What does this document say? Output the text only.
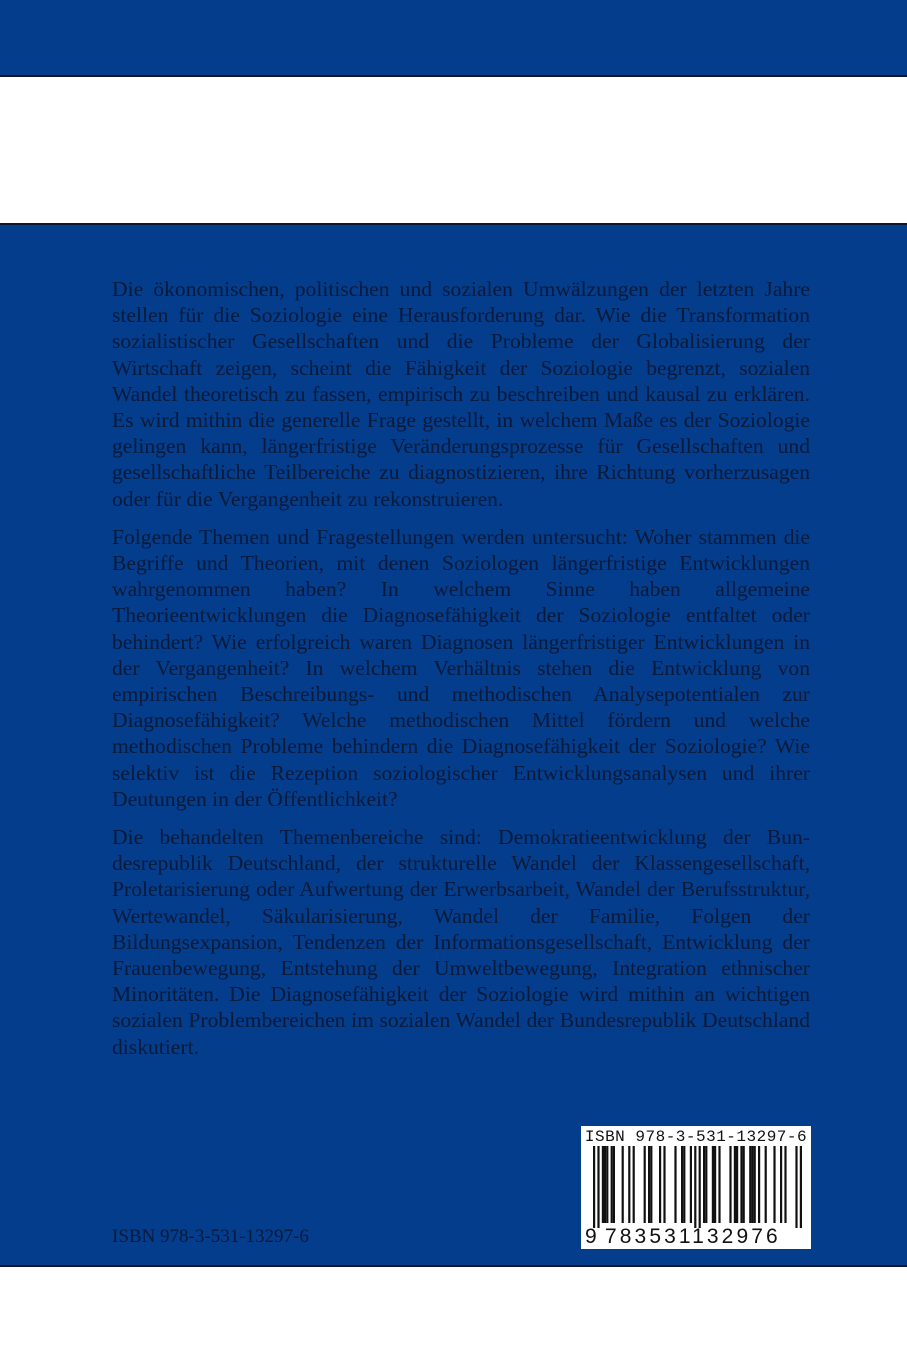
Die ökonomischen, politischen und sozialen Umwälzungen der letzten Jahre stellen für die Soziologie eine Herausforderung dar. Wie die Transformation sozialistischer Gesellschaften und die Probleme der Globalisierung der Wirtschaft zeigen, scheint die Fähigkeit der Soziologie begrenzt, sozialen Wandel theoretisch zu fassen, empirisch zu beschreiben und kausal zu erklären. Es wird mithin die generelle Frage gestellt, in welchem Maße es der Soziologie gelingen kann, längerfristige Veränderungsprozesse für Gesellschaften und gesellschaftliche Teilbereiche zu diagnostizieren, ihre Richtung vorherzusagen oder für die Vergangenheit zu rekonstruieren.

Folgende Themen und Fragestellungen werden untersucht: Woher stammen die Begriffe und Theorien, mit denen Soziologen längerfristige Entwicklungen wahrgenommen haben? In welchem Sinne haben allgemeine Theorieentwicklungen die Diagnosefähigkeit der Soziologie entfaltet oder behindert? Wie erfolgreich waren Diagnosen längerfristiger Entwicklungen in der Vergangenheit? In welchem Verhältnis stehen die Entwicklung von empirischen Beschreibungs- und methodischen Analysepotentialen zur Diagnosefähigkeit? Welche methodischen Mittel fördern und welche methodischen Probleme behindern die Diagnosefähigkeit der Soziologie? Wie selektiv ist die Rezeption soziologischer Entwicklungsanalysen und ihrer Deutungen in der Öffentlichkeit?

Die behandelten Themenbereiche sind: Demokratieentwicklung der Bundesrepublik Deutschland, der strukturelle Wandel der Klassengesellschaft, Proletarisierung oder Aufwertung der Erwerbsarbeit, Wandel der Berufsstruktur, Wertewandel, Säkularisierung, Wandel der Familie, Folgen der Bildungsexpansion, Tendenzen der Informationsgesellschaft, Entwicklung der Frauenbewegung, Entstehung der Umweltbewegung, Integration ethnischer Minoritäten. Die Diagnosefähigkeit der Soziologie wird mithin an wichtigen sozialen Problembereichen im sozialen Wandel der Bundesrepublik Deutschland diskutiert.

ISBN 978-3-531-13297-6
ISBN 978-3-531-13297-6
9 783531132976
